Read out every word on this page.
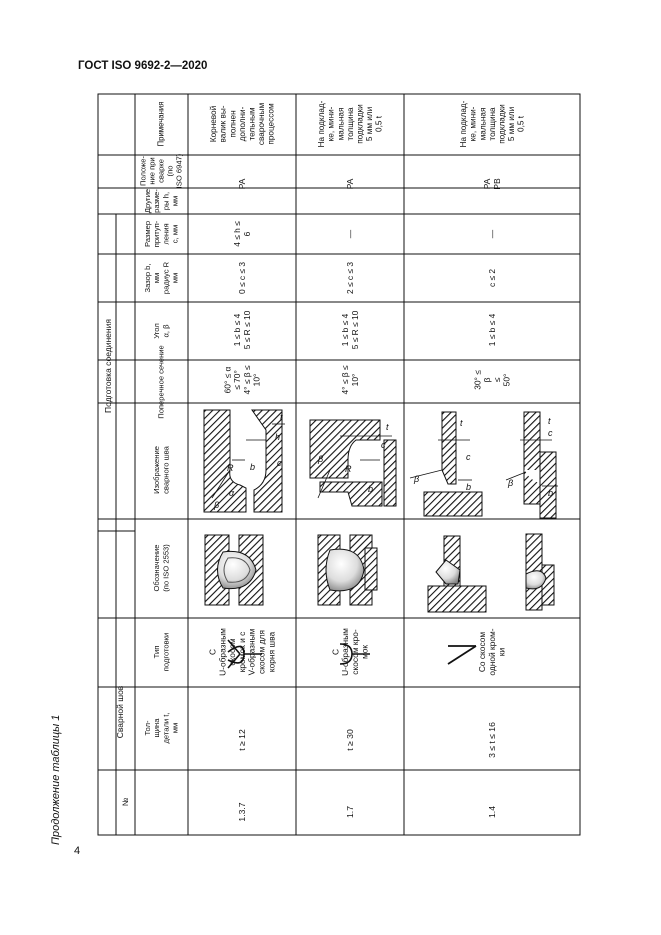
ГОСТ ISO 9692-2—2020
4
Продолжение таблицы 1
Сварной шов
Подготовка соединения
№
Тол- щина детали t, мм
Тип подготовки
Обозначение (по ISO 2553)
Изображение сварного шва
Поперечное сечение
Угол α, β
Зазор b, мм радиус R мм
Размер притуп- ления c, мм
Другие разме- ры h, мм
Положе- ние при сварке (по ISO 6947)
Примечания
1.3.7
t ≥ 12
С U-образным скосом кромок и с V-образным скосом для корня шва
60° ≤ α ≤ 70° 4° ≤ β ≤ 10°
1 ≤ b ≤ 4 5 ≤ R ≤ 10
0 ≤ c ≤ 3
4 ≤ h ≤ 6
PA
Корневой валик вы- полнен дополни- тельным сварочным процессом
1.7
t ≥ 30
С U-образным скосом кро- мок
4° ≤ β ≤ 10°
1 ≤ b ≤ 4 5 ≤ R ≤ 10
2 ≤ c ≤ 3
—
PA
На подклад- ке, мини- мальная толщина подкладки 5 мм или 0,5 t
1.4
3 ≤ t ≤ 16
Со скосом одной кром- ки
30° ≤ β ≤ 50°
1 ≤ b ≤ 4
c ≤ 2
—
PA PB
На подклад- ке, мини- мальная толщина подкладки 5 мм или 0,5 t
β
R
α
b
h
c
t
β
R
b
c
t
β
c
b
t
β
c
b
t
